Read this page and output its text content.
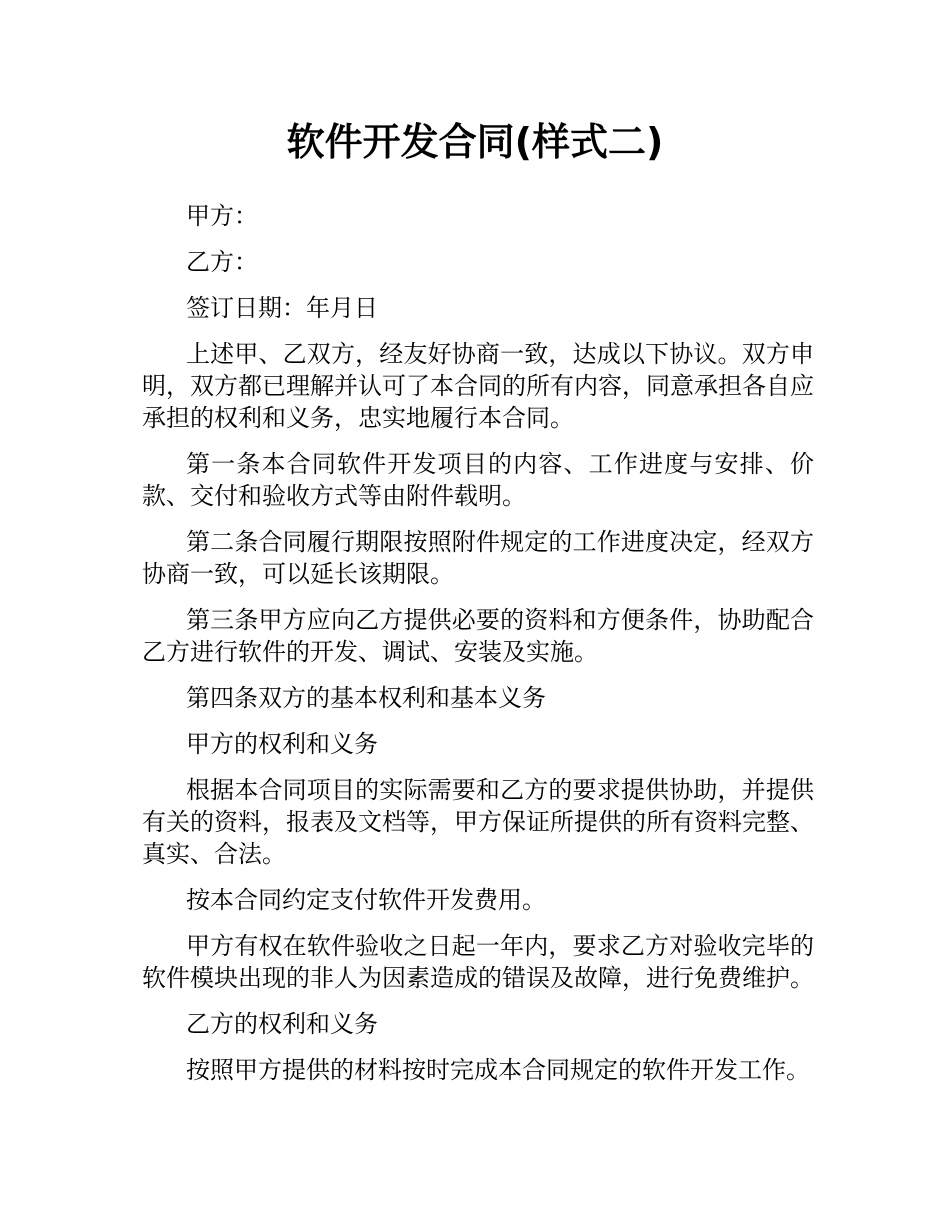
软件开发合同(样式二)

甲方：

乙方：

签订日期：年月日

上述甲、乙双方，经友好协商一致，达成以下协议。双方申明，双方都已理解并认可了本合同的所有内容，同意承担各自应承担的权利和义务，忠实地履行本合同。

第一条本合同软件开发项目的内容、工作进度与安排、价款、交付和验收方式等由附件载明。

第二条合同履行期限按照附件规定的工作进度决定，经双方协商一致，可以延长该期限。

第三条甲方应向乙方提供必要的资料和方便条件，协助配合乙方进行软件的开发、调试、安装及实施。

第四条双方的基本权利和基本义务

甲方的权利和义务

根据本合同项目的实际需要和乙方的要求提供协助，并提供有关的资料，报表及文档等，甲方保证所提供的所有资料完整、真实、合法。

按本合同约定支付软件开发费用。

甲方有权在软件验收之日起一年内，要求乙方对验收完毕的软件模块出现的非人为因素造成的错误及故障，进行免费维护。

乙方的权利和义务

按照甲方提供的材料按时完成本合同规定的软件开发工作。
